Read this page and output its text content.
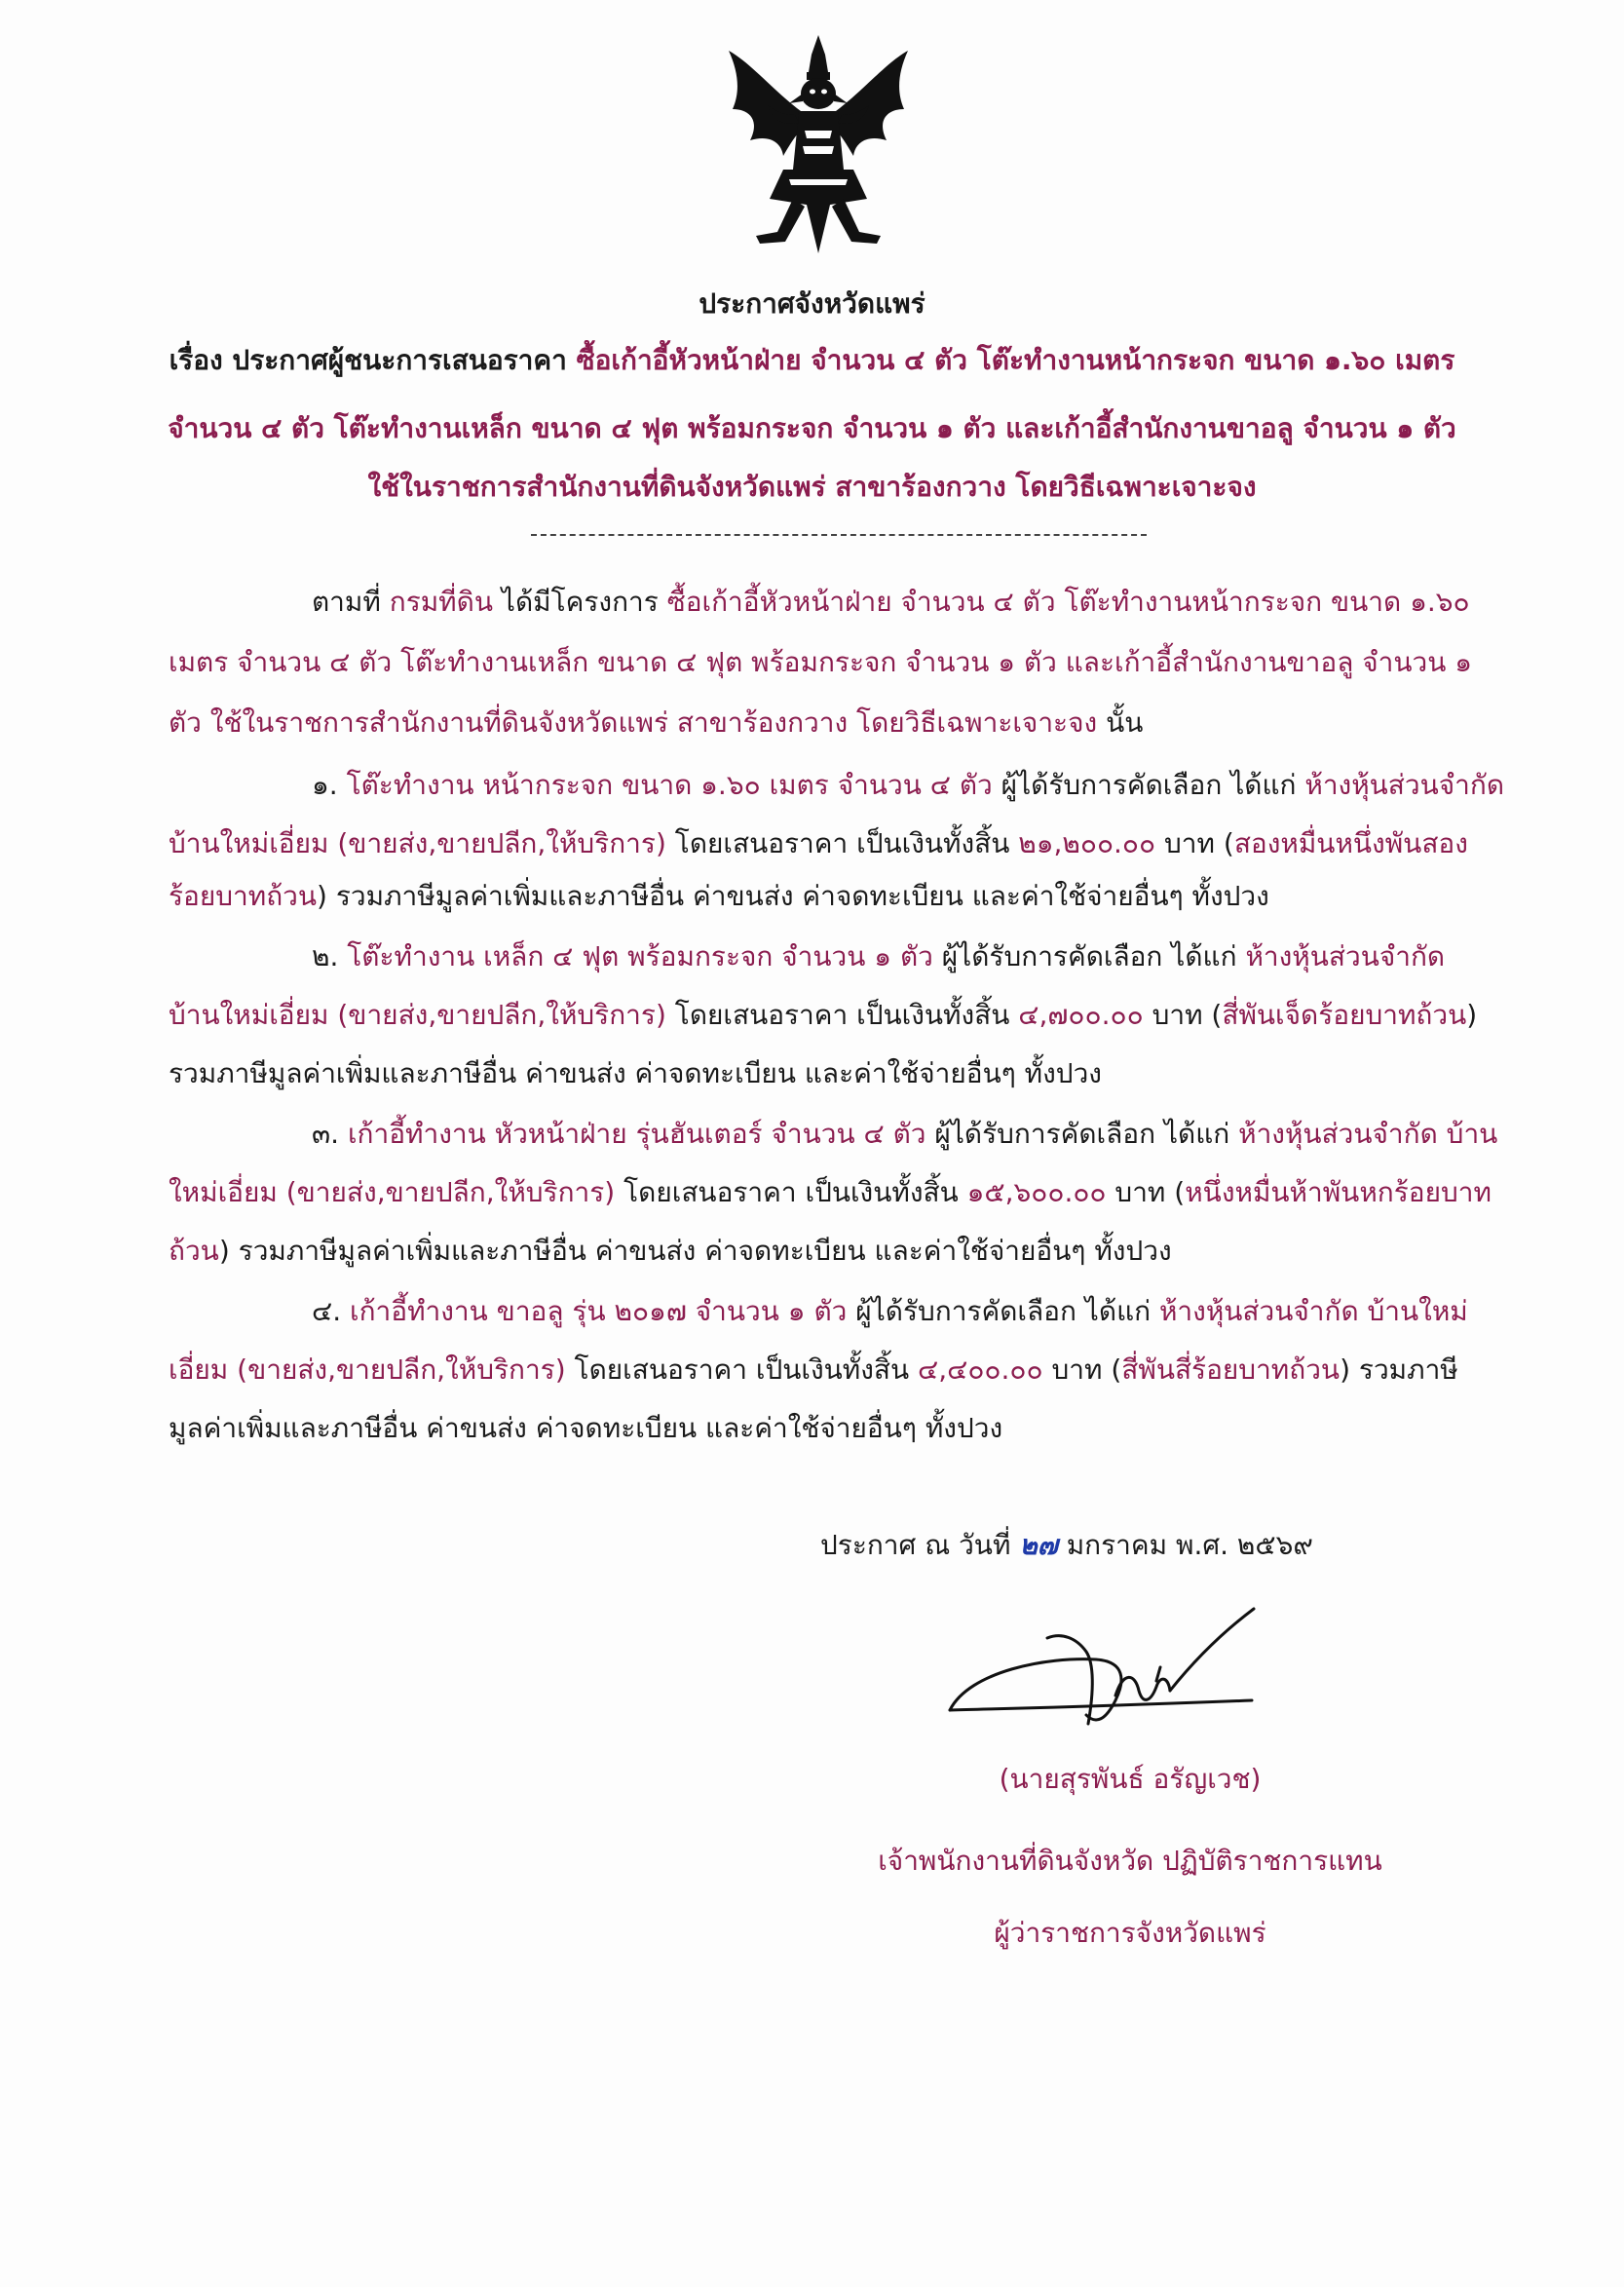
ประกาศจังหวัดแพร่
เรื่อง ประกาศผู้ชนะการเสนอราคา ซื้อเก้าอี้หัวหน้าฝ่าย จำนวน ๔ ตัว โต๊ะทำงานหน้ากระจก ขนาด ๑.๖๐ เมตร
จำนวน ๔ ตัว โต๊ะทำงานเหล็ก ขนาด ๔ ฟุต พร้อมกระจก จำนวน ๑ ตัว และเก้าอี้สำนักงานขาอลู จำนวน ๑ ตัว
ใช้ในราชการสำนักงานที่ดินจังหวัดแพร่ สาขาร้องกวาง โดยวิธีเฉพาะเจาะจง
ตามที่ กรมที่ดิน ได้มีโครงการ ซื้อเก้าอี้หัวหน้าฝ่าย จำนวน ๔ ตัว โต๊ะทำงานหน้ากระจก ขนาด ๑.๖๐
เมตร จำนวน ๔ ตัว โต๊ะทำงานเหล็ก ขนาด ๔ ฟุต พร้อมกระจก จำนวน ๑ ตัว และเก้าอี้สำนักงานขาอลู จำนวน ๑
ตัว ใช้ในราชการสำนักงานที่ดินจังหวัดแพร่ สาขาร้องกวาง โดยวิธีเฉพาะเจาะจง นั้น
๑. โต๊ะทำงาน หน้ากระจก ขนาด ๑.๖๐ เมตร จำนวน ๔ ตัว ผู้ได้รับการคัดเลือก ได้แก่ ห้างหุ้นส่วนจำกัด
บ้านใหม่เอี่ยม (ขายส่ง,ขายปลีก,ให้บริการ) โดยเสนอราคา เป็นเงินทั้งสิ้น ๒๑,๒๐๐.๐๐ บาท (สองหมื่นหนึ่งพันสอง
ร้อยบาทถ้วน) รวมภาษีมูลค่าเพิ่มและภาษีอื่น ค่าขนส่ง ค่าจดทะเบียน และค่าใช้จ่ายอื่นๆ ทั้งปวง
๒. โต๊ะทำงาน เหล็ก ๔ ฟุต พร้อมกระจก จำนวน ๑ ตัว ผู้ได้รับการคัดเลือก ได้แก่ ห้างหุ้นส่วนจำกัด
บ้านใหม่เอี่ยม (ขายส่ง,ขายปลีก,ให้บริการ) โดยเสนอราคา เป็นเงินทั้งสิ้น ๔,๗๐๐.๐๐ บาท (สี่พันเจ็ดร้อยบาทถ้วน)
รวมภาษีมูลค่าเพิ่มและภาษีอื่น ค่าขนส่ง ค่าจดทะเบียน และค่าใช้จ่ายอื่นๆ ทั้งปวง
๓. เก้าอี้ทำงาน หัวหน้าฝ่าย รุ่นฮันเตอร์ จำนวน ๔ ตัว ผู้ได้รับการคัดเลือก ได้แก่ ห้างหุ้นส่วนจำกัด บ้าน
ใหม่เอี่ยม (ขายส่ง,ขายปลีก,ให้บริการ) โดยเสนอราคา เป็นเงินทั้งสิ้น ๑๕,๖๐๐.๐๐ บาท (หนึ่งหมื่นห้าพันหกร้อยบาท
ถ้วน) รวมภาษีมูลค่าเพิ่มและภาษีอื่น ค่าขนส่ง ค่าจดทะเบียน และค่าใช้จ่ายอื่นๆ ทั้งปวง
๔. เก้าอี้ทำงาน ขาอลู รุ่น ๒๐๑๗ จำนวน ๑ ตัว ผู้ได้รับการคัดเลือก ได้แก่ ห้างหุ้นส่วนจำกัด บ้านใหม่
เอี่ยม (ขายส่ง,ขายปลีก,ให้บริการ) โดยเสนอราคา เป็นเงินทั้งสิ้น ๔,๔๐๐.๐๐ บาท (สี่พันสี่ร้อยบาทถ้วน) รวมภาษี
มูลค่าเพิ่มและภาษีอื่น ค่าขนส่ง ค่าจดทะเบียน และค่าใช้จ่ายอื่นๆ ทั้งปวง
ประกาศ ณ วันที่ ๒๗ มกราคม พ.ศ. ๒๕๖๙
(นายสุรพันธ์ อรัญเวช)
เจ้าพนักงานที่ดินจังหวัด ปฏิบัติราชการแทน
ผู้ว่าราชการจังหวัดแพร่
